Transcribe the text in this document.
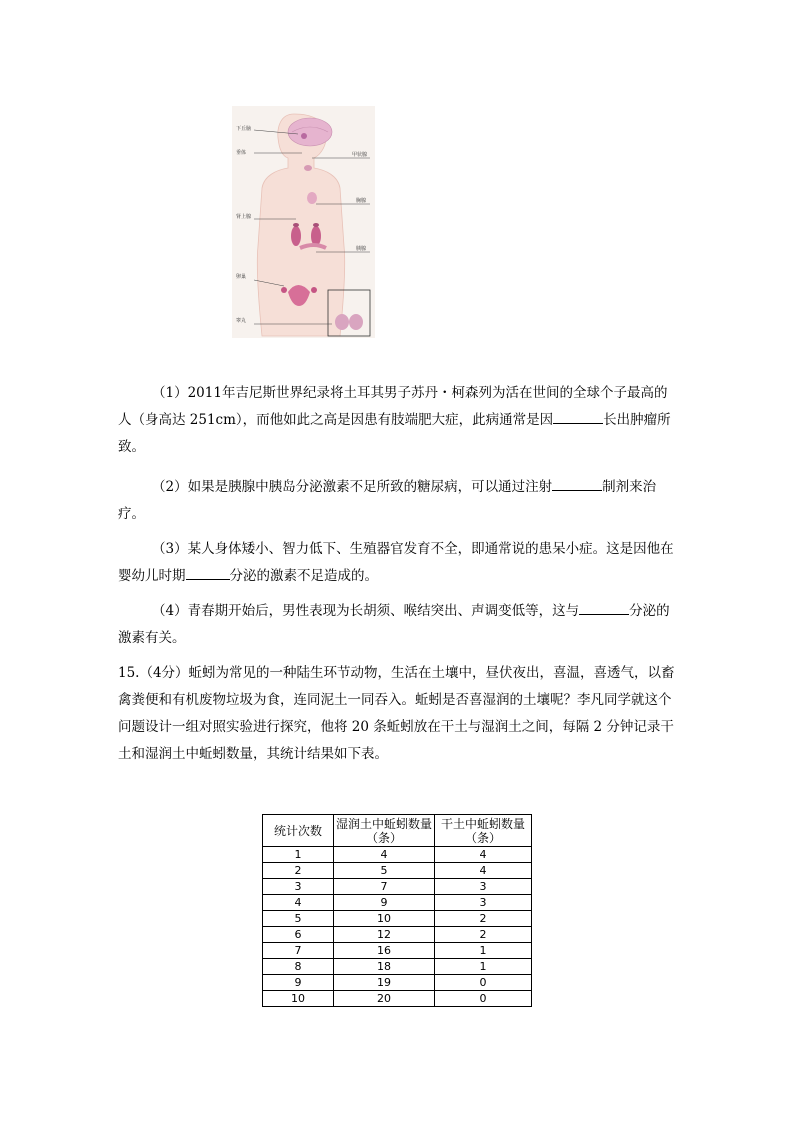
下丘脑
垂体
肾上腺
卵巢
睾丸
甲状腺
胸腺
胰腺

（1）2011年吉尼斯世界纪录将土耳其男子苏丹・柯森列为活在世间的全球个子最高的人（身高达 251cm），而他如此之高是因患有肢端肥大症，此病通常是因	长出肿瘤所致。

（2）如果是胰腺中胰岛分泌激素不足所致的糖尿病，可以通过注射	制剂来治疗。

（3）某人身体矮小、智力低下、生殖器官发育不全，即通常说的患呆小症。这是因他在婴幼儿时期	分泌的激素不足造成的。

（4）青春期开始后，男性表现为长胡须、喉结突出、声调变低等，这与	分泌的激素有关。

15.（4分）蚯蚓为常见的一种陆生环节动物，生活在土壤中，昼伏夜出，喜温，喜透气，以畜禽粪便和有机废物垃圾为食，连同泥土一同吞入。蚯蚓是否喜湿润的土壤呢？李凡同学就这个问题设计一组对照实验进行探究，他将 20 条蚯蚓放在干土与湿润土之间，每隔 2 分钟记录干土和湿润土中蚯蚓数量，其统计结果如下表。

统计次数	湿润土中蚯蚓数量（条）	干土中蚯蚓数量（条）
1	4	4
2	5	4
3	7	3
4	9	3
5	10	2
6	12	2
7	16	1
8	18	1
9	19	0
10	20	0
